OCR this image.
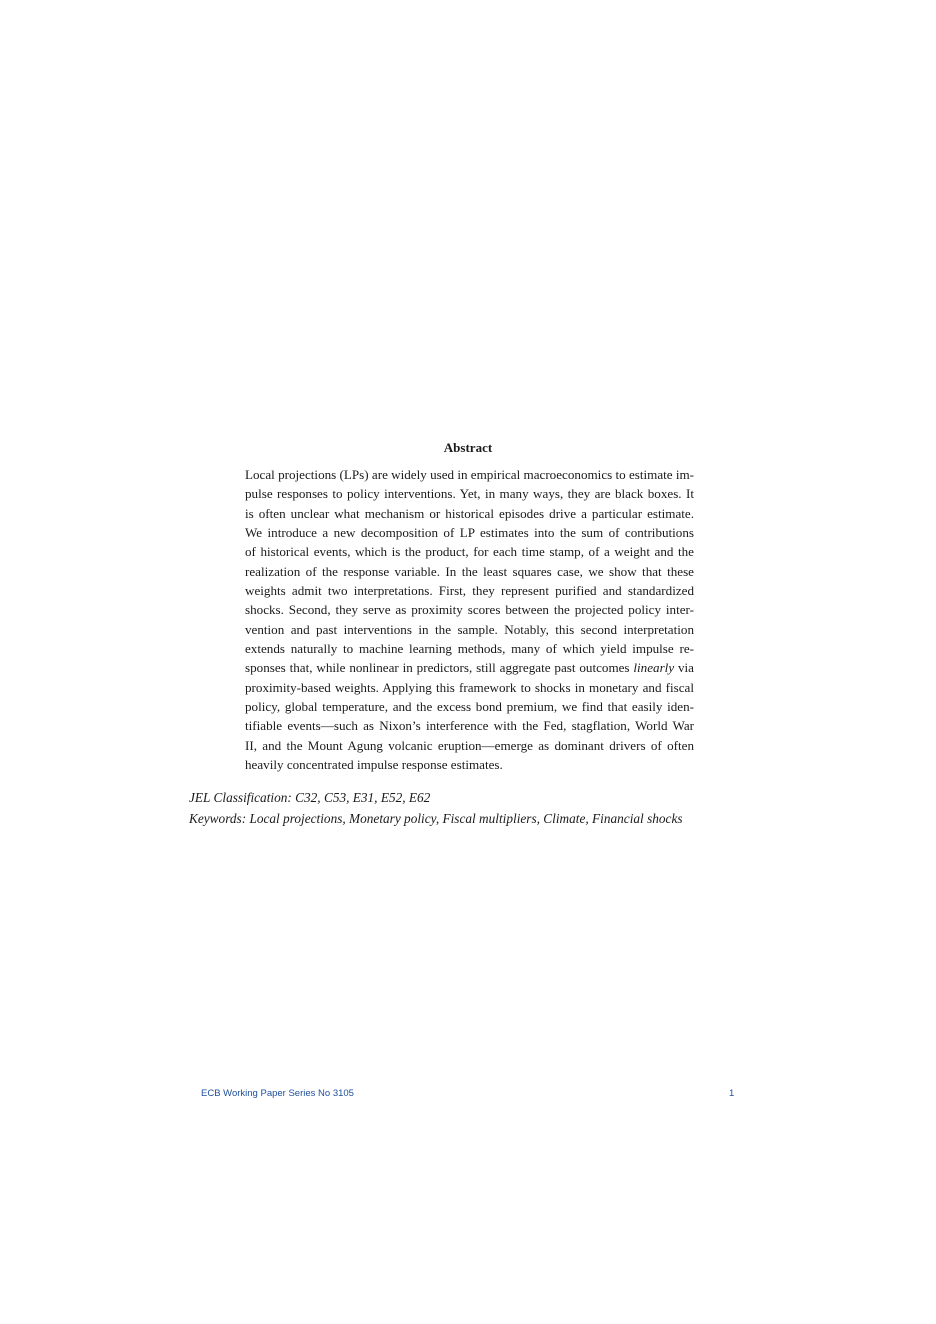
Abstract
Local projections (LPs) are widely used in empirical macroeconomics to estimate im-
pulse responses to policy interventions. Yet, in many ways, they are black boxes. It
is often unclear what mechanism or historical episodes drive a particular estimate.
We introduce a new decomposition of LP estimates into the sum of contributions
of historical events, which is the product, for each time stamp, of a weight and the
realization of the response variable. In the least squares case, we show that these
weights admit two interpretations. First, they represent purified and standardized
shocks. Second, they serve as proximity scores between the projected policy inter-
vention and past interventions in the sample. Notably, this second interpretation
extends naturally to machine learning methods, many of which yield impulse re-
sponses that, while nonlinear in predictors, still aggregate past outcomes linearly via
proximity-based weights. Applying this framework to shocks in monetary and fiscal
policy, global temperature, and the excess bond premium, we find that easily iden-
tifiable events—such as Nixon’s interference with the Fed, stagflation, World War
II, and the Mount Agung volcanic eruption—emerge as dominant drivers of often
heavily concentrated impulse response estimates.
JEL Classification: C32, C53, E31, E52, E62
Keywords: Local projections, Monetary policy, Fiscal multipliers, Climate, Financial shocks
ECB Working Paper Series No 3105	1
